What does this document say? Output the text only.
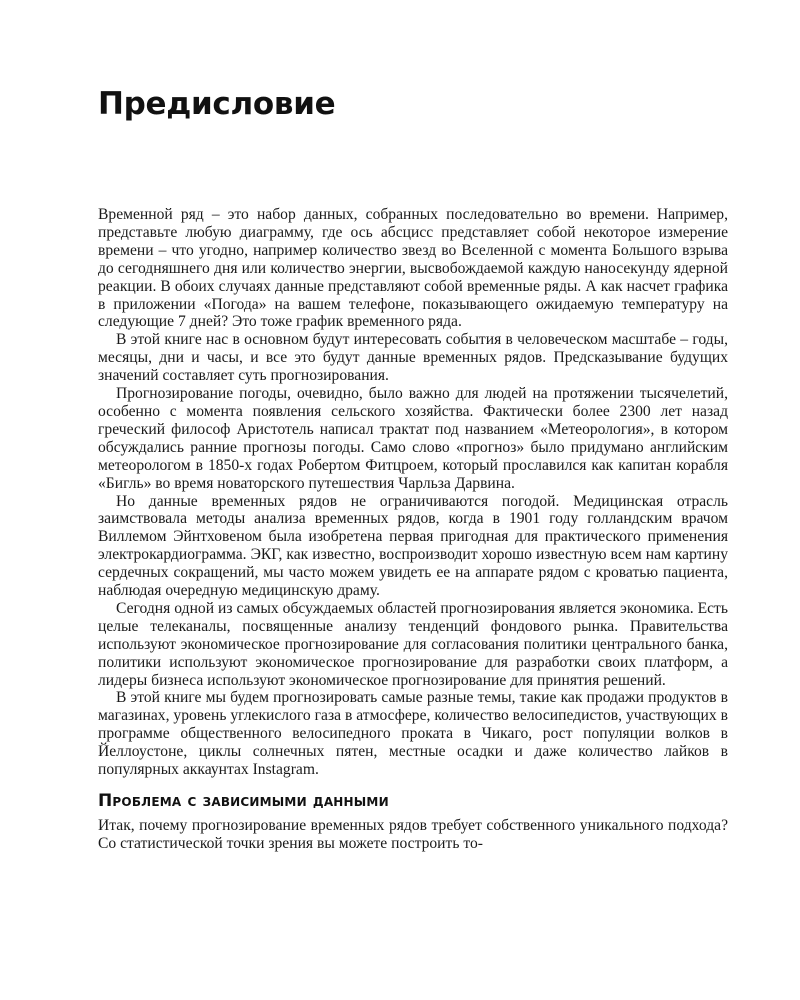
Предисловие

Временной ряд – это набор данных, собранных последовательно во времени. Например, представьте любую диаграмму, где ось абсцисс представляет собой некоторое измерение времени – что угодно, например количество звезд во Вселенной с момента Большого взрыва до сегодняшнего дня или количество энергии, высвобождаемой каждую наносекунду ядерной реакции. В обоих случаях данные представляют собой временные ряды. А как насчет графика в приложении «Погода» на вашем телефоне, показывающего ожидаемую температуру на следующие 7 дней? Это тоже график временного ряда.

В этой книге нас в основном будут интересовать события в человеческом масштабе – годы, месяцы, дни и часы, и все это будут данные временных рядов. Предсказывание будущих значений составляет суть прогнозирования.

Прогнозирование погоды, очевидно, было важно для людей на протяжении тысячелетий, особенно с момента появления сельского хозяйства. Фактически более 2300 лет назад греческий философ Аристотель написал трактат под названием «Метеорология», в котором обсуждались ранние прогнозы погоды. Само слово «прогноз» было придумано английским метеорологом в 1850-х годах Робертом Фитцроем, который прославился как капитан корабля «Бигль» во время новаторского путешествия Чарльза Дарвина.

Но данные временных рядов не ограничиваются погодой. Медицинская отрасль заимствовала методы анализа временных рядов, когда в 1901 году голландским врачом Виллемом Эйнтховеном была изобретена первая пригодная для практического применения электрокардиограмма. ЭКГ, как известно, воспроизводит хорошо известную всем нам картину сердечных сокращений, мы часто можем увидеть ее на аппарате рядом с кроватью пациента, наблюдая очередную медицинскую драму.

Сегодня одной из самых обсуждаемых областей прогнозирования является экономика. Есть целые телеканалы, посвященные анализу тенденций фондового рынка. Правительства используют экономическое прогнозирование для согласования политики центрального банка, политики используют экономическое прогнозирование для разработки своих платформ, а лидеры бизнеса используют экономическое прогнозирование для принятия решений.

В этой книге мы будем прогнозировать самые разные темы, такие как продажи продуктов в магазинах, уровень углекислого газа в атмосфере, количество велосипедистов, участвующих в программе общественного велосипедного проката в Чикаго, рост популяции волков в Йеллоустоне, циклы солнечных пятен, местные осадки и даже количество лайков в популярных аккаунтах Instagram.

Проблема с зависимыми данными

Итак, почему прогнозирование временных рядов требует собственного уникального подхода? Со статистической точки зрения вы можете построить то-
